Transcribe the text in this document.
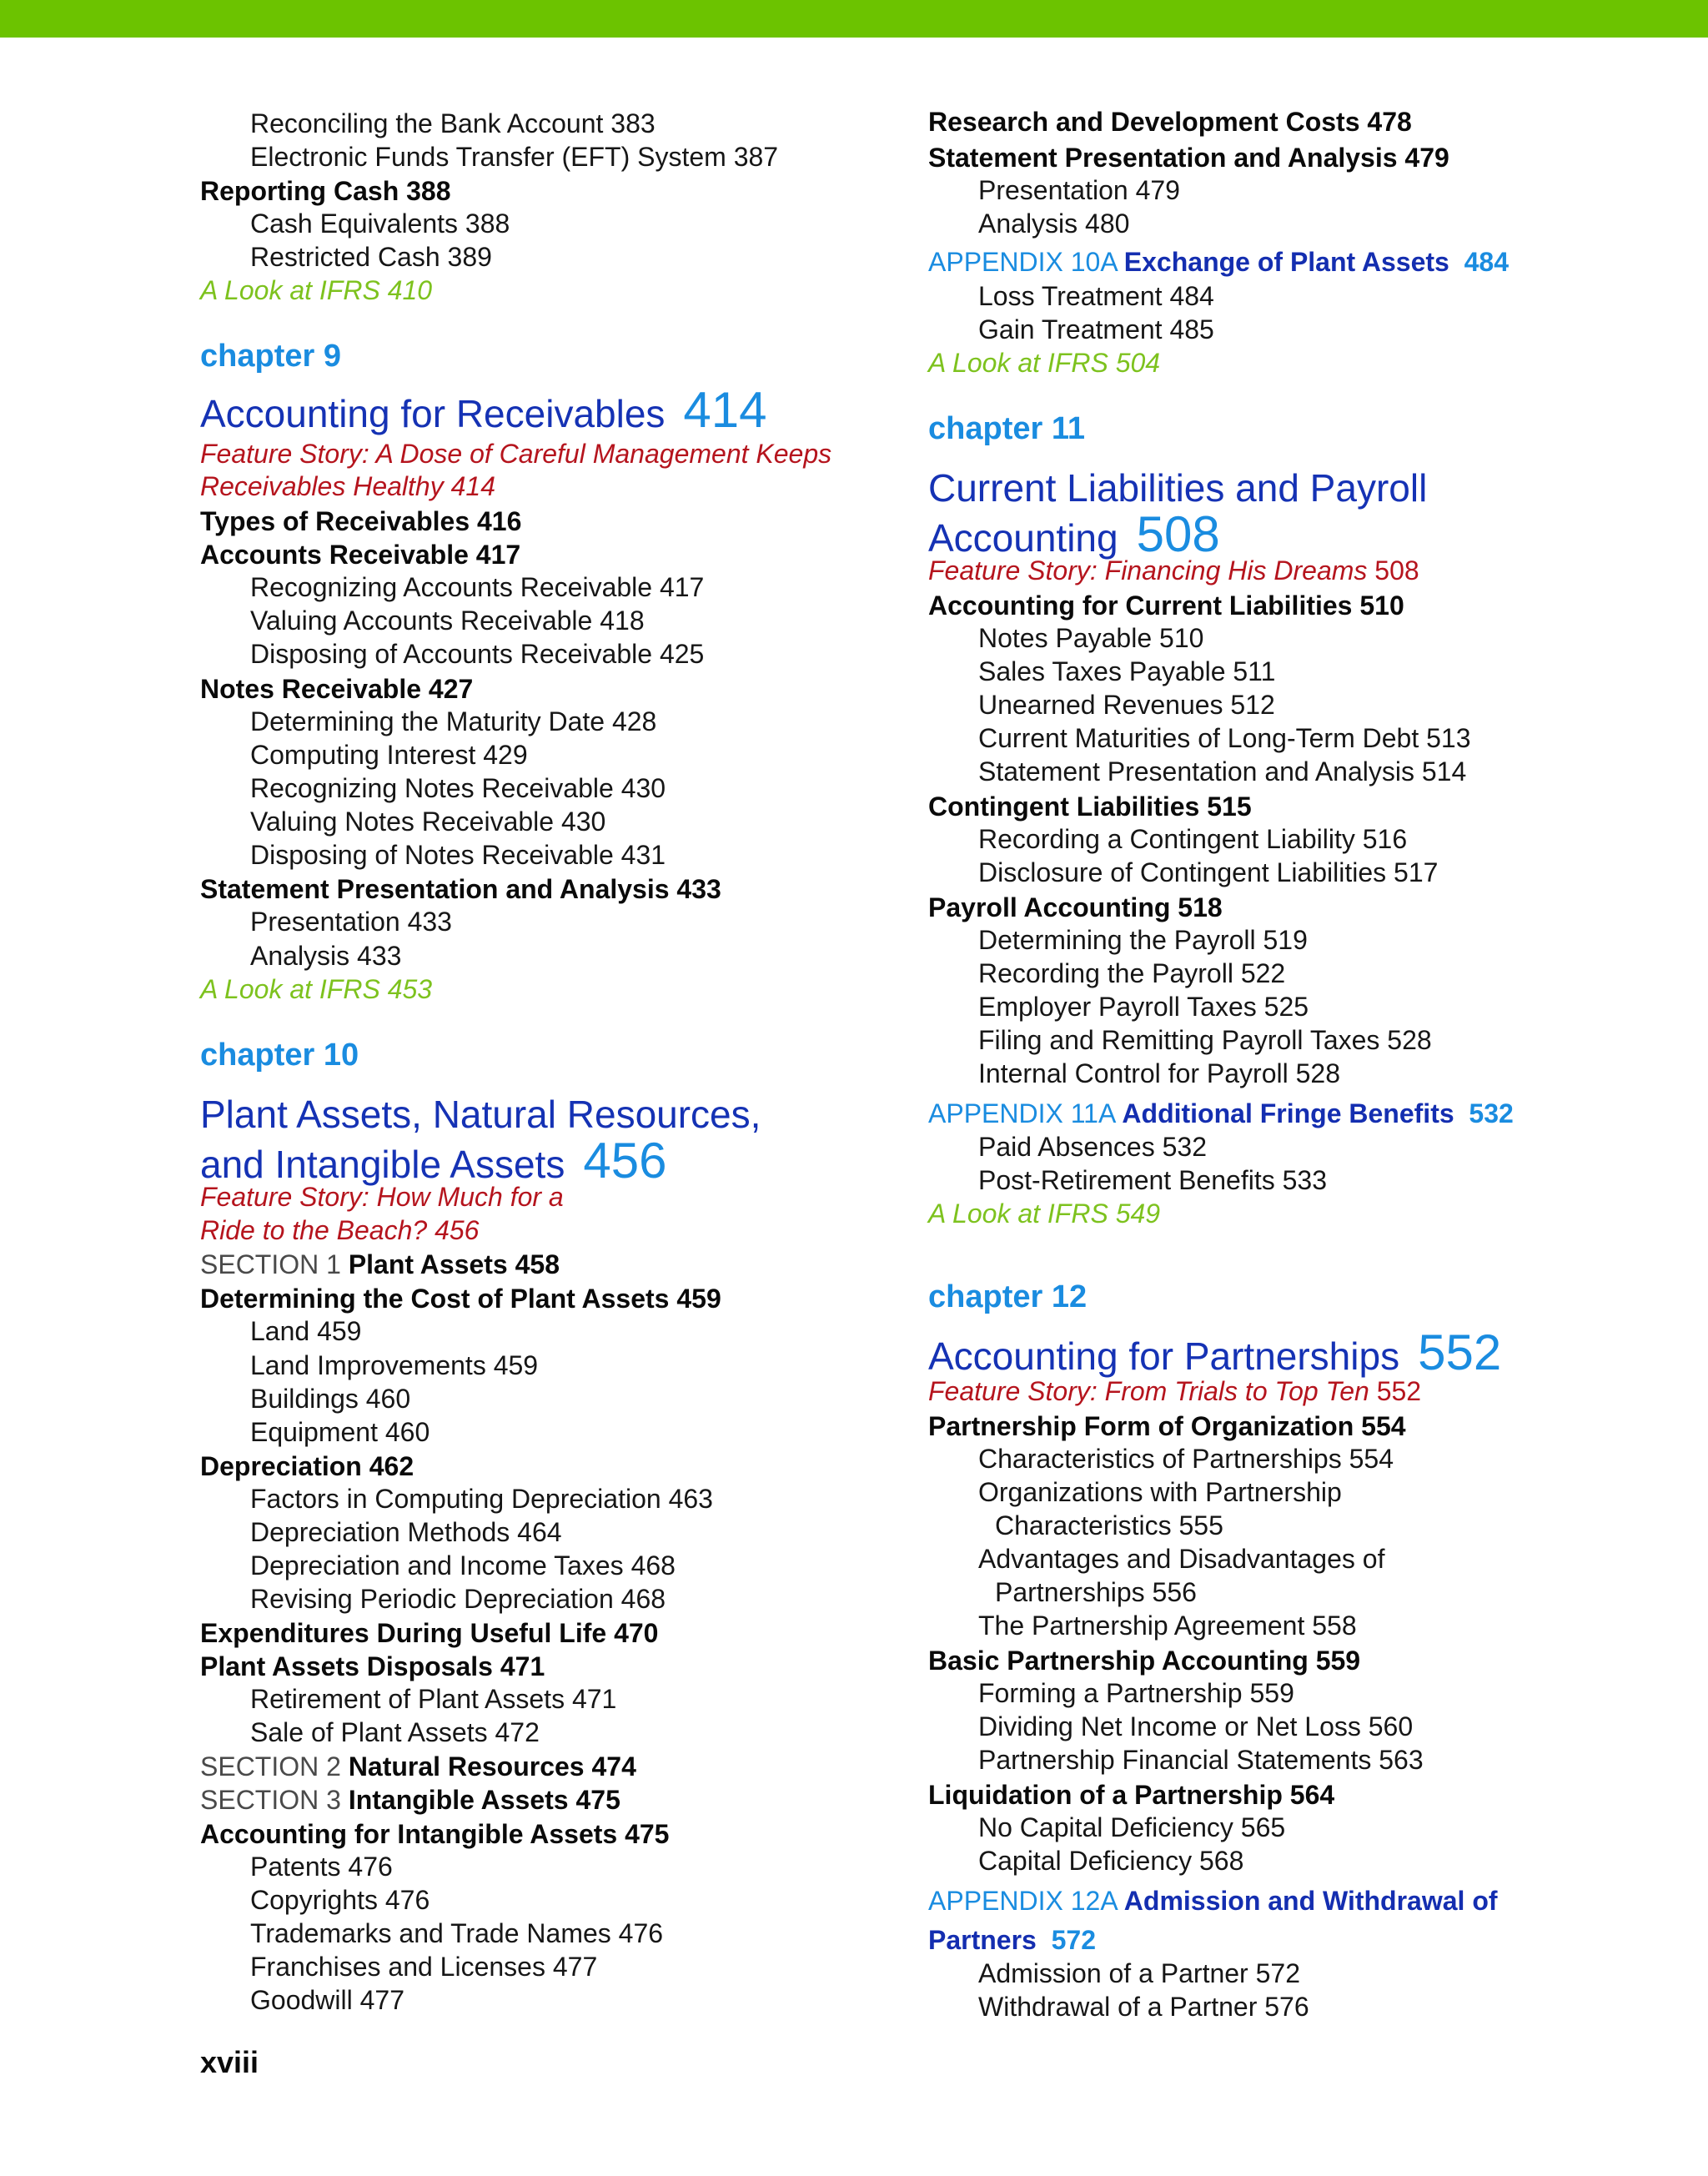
Reconciling the Bank Account 383
Electronic Funds Transfer (EFT) System 387
Reporting Cash 388
Cash Equivalents 388
Restricted Cash 389
A Look at IFRS 410
chapter 9
Accounting for Receivables 414
Feature Story: A Dose of Careful Management Keeps
Receivables Healthy 414
Types of Receivables 416
Accounts Receivable 417
Recognizing Accounts Receivable 417
Valuing Accounts Receivable 418
Disposing of Accounts Receivable 425
Notes Receivable 427
Determining the Maturity Date 428
Computing Interest 429
Recognizing Notes Receivable 430
Valuing Notes Receivable 430
Disposing of Notes Receivable 431
Statement Presentation and Analysis 433
Presentation 433
Analysis 433
A Look at IFRS 453
chapter 10
Plant Assets, Natural Resources,
and Intangible Assets 456
Feature Story: How Much for a
Ride to the Beach? 456
SECTION 1 Plant Assets 458
Determining the Cost of Plant Assets 459
Land 459
Land Improvements 459
Buildings 460
Equipment 460
Depreciation 462
Factors in Computing Depreciation 463
Depreciation Methods 464
Depreciation and Income Taxes 468
Revising Periodic Depreciation 468
Expenditures During Useful Life 470
Plant Assets Disposals 471
Retirement of Plant Assets 471
Sale of Plant Assets 472
SECTION 2 Natural Resources 474
SECTION 3 Intangible Assets 475
Accounting for Intangible Assets 475
Patents 476
Copyrights 476
Trademarks and Trade Names 476
Franchises and Licenses 477
Goodwill 477
xviii
Research and Development Costs 478
Statement Presentation and Analysis 479
Presentation 479
Analysis 480
APPENDIX 10A Exchange of Plant Assets 484
Loss Treatment 484
Gain Treatment 485
A Look at IFRS 504
chapter 11
Current Liabilities and Payroll
Accounting 508
Feature Story: Financing His Dreams 508
Accounting for Current Liabilities 510
Notes Payable 510
Sales Taxes Payable 511
Unearned Revenues 512
Current Maturities of Long-Term Debt 513
Statement Presentation and Analysis 514
Contingent Liabilities 515
Recording a Contingent Liability 516
Disclosure of Contingent Liabilities 517
Payroll Accounting 518
Determining the Payroll 519
Recording the Payroll 522
Employer Payroll Taxes 525
Filing and Remitting Payroll Taxes 528
Internal Control for Payroll 528
APPENDIX 11A Additional Fringe Benefits 532
Paid Absences 532
Post-Retirement Benefits 533
A Look at IFRS 549
chapter 12
Accounting for Partnerships 552
Feature Story: From Trials to Top Ten 552
Partnership Form of Organization 554
Characteristics of Partnerships 554
Organizations with Partnership
Characteristics 555
Advantages and Disadvantages of
Partnerships 556
The Partnership Agreement 558
Basic Partnership Accounting 559
Forming a Partnership 559
Dividing Net Income or Net Loss 560
Partnership Financial Statements 563
Liquidation of a Partnership 564
No Capital Deficiency 565
Capital Deficiency 568
APPENDIX 12A Admission and Withdrawal of
Partners 572
Admission of a Partner 572
Withdrawal of a Partner 576
